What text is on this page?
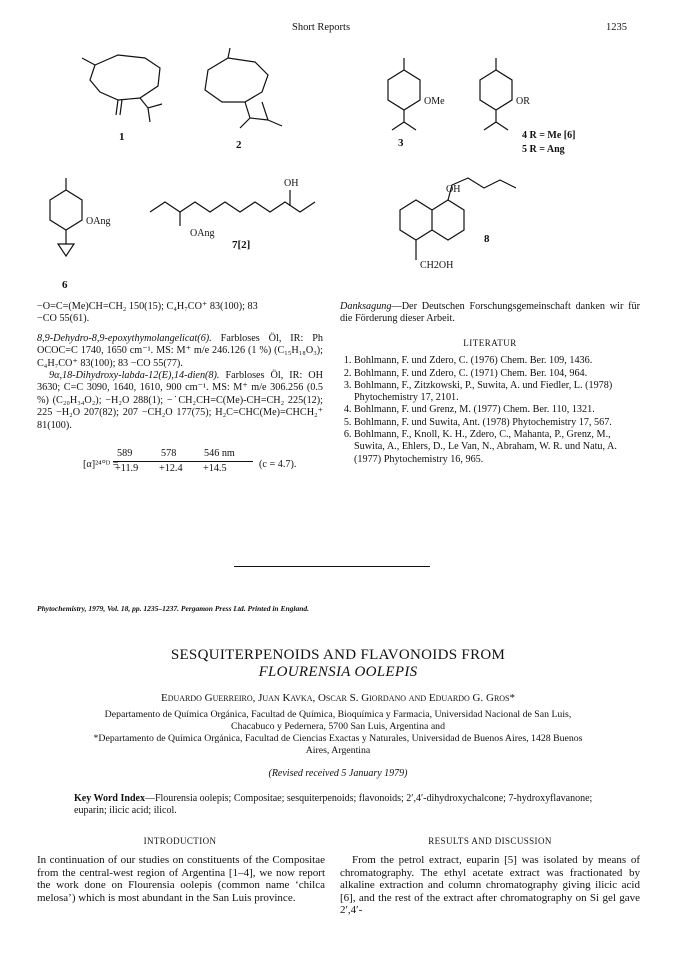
Short Reports	1235
1
2
OMe
3
OR
4 R = Me [6]
5 R = Ang
OAng
6
OH
OAng
7[2]
OH
CH2OH
8

−O=C=(Me)CH=CH₂ 150(15); C₄H₇CO⁺ 83(100); 83

−CO 55(61).

8,9-Dehydro-8,9-epoxythymolangelicat(6). Farbloses Öl, IR: Ph OCOC=C 1740, 1650 cm⁻¹. MS: M⁺ m/e 246.126 (1 %) (C₁₅H₁₈O₃); C₄H₇CO⁺ 83(100); 83 −CO 55(77).

9α,18-Dihydroxy-labda-12(E),14-dien(8). Farbloses Öl, IR: OH 3630; C=C 3090, 1640, 1610, 900 cm⁻¹. MS: M⁺ m/e 306.256 (0.5 %) (C₂₀H₃₄O₂); −H₂O 288(1); −˙CH₂CH=C(Me)-CH=CH₂ 225(12); 225 −H₂O 207(82); 207 −CH₂O 177(75); H₂C=CHC(Me)=CHCH₂⁺ 81(100).

[α]²⁴°ᴰ =
589	578	546 nm
+11.9 +12.4 +14.5	(c = 4.7).

Danksagung—Der Deutschen Forschungsgemeinschaft danken wir für die Förderung dieser Arbeit.

LITERATUR
1. Bohlmann, F. und Zdero, C. (1976) Chem. Ber. 109, 1436.
2. Bohlmann, F. und Zdero, C. (1971) Chem. Ber. 104, 964.
3. Bohlmann, F., Zitzkowski, P., Suwita, A. und Fiedler, L. (1978) Phytochemistry 17, 2101.
4. Bohlmann, F. und Grenz, M. (1977) Chem. Ber. 110, 1321.
5. Bohlmann, F. und Suwita, Ant. (1978) Phytochemistry 17, 567.
6. Bohlmann, F., Knoll, K. H., Zdero, C., Mahanta, P., Grenz, M., Suwita, A., Ehlers, D., Le Van, N., Abraham, W. R. und Natu, A. (1977) Phytochemistry 16, 965.
Phytochemistry, 1979, Vol. 18, pp. 1235–1237. Pergamon Press Ltd. Printed in England.
SESQUITERPENOIDS AND FLAVONOIDS FROM
FLOURENSIA OOLEPIS
Eduardo Guerreiro, Juan Kavka, Oscar S. Giordano and Eduardo G. Gros*
Departamento de Química Orgánica, Facultad de Química, Bioquímica y Farmacia, Universidad Nacional de San Luis,
Chacabuco y Pedernera, 5700 San Luis, Argentina and
*Departamento de Química Orgánica, Facultad de Ciencias Exactas y Naturales, Universidad de Buenos Aires, 1428 Buenos
Aires, Argentina
(Revised received 5 January 1979)
Key Word Index—Flourensia oolepis; Compositae; sesquiterpenoids; flavonoids; 2′,4′-dihydroxychalcone; 7-hydroxyflavanone; euparin; ilicic acid; ilicol.
INTRODUCTION
In continuation of our studies on constituents of the Compositae from the central-west region of Argentina [1–4], we now report the work done on Flourensia oolepis (common name ‘chilca melosa’) which is most abundant in the San Luis province.
RESULTS AND DISCUSSION
From the petrol extract, euparin [5] was isolated by means of chromatography. The ethyl acetate extract was fractionated by alkaline extraction and column chromatography giving ilicic acid [6], and the rest of the extract after chromatography on Si gel gave 2′,4′-
